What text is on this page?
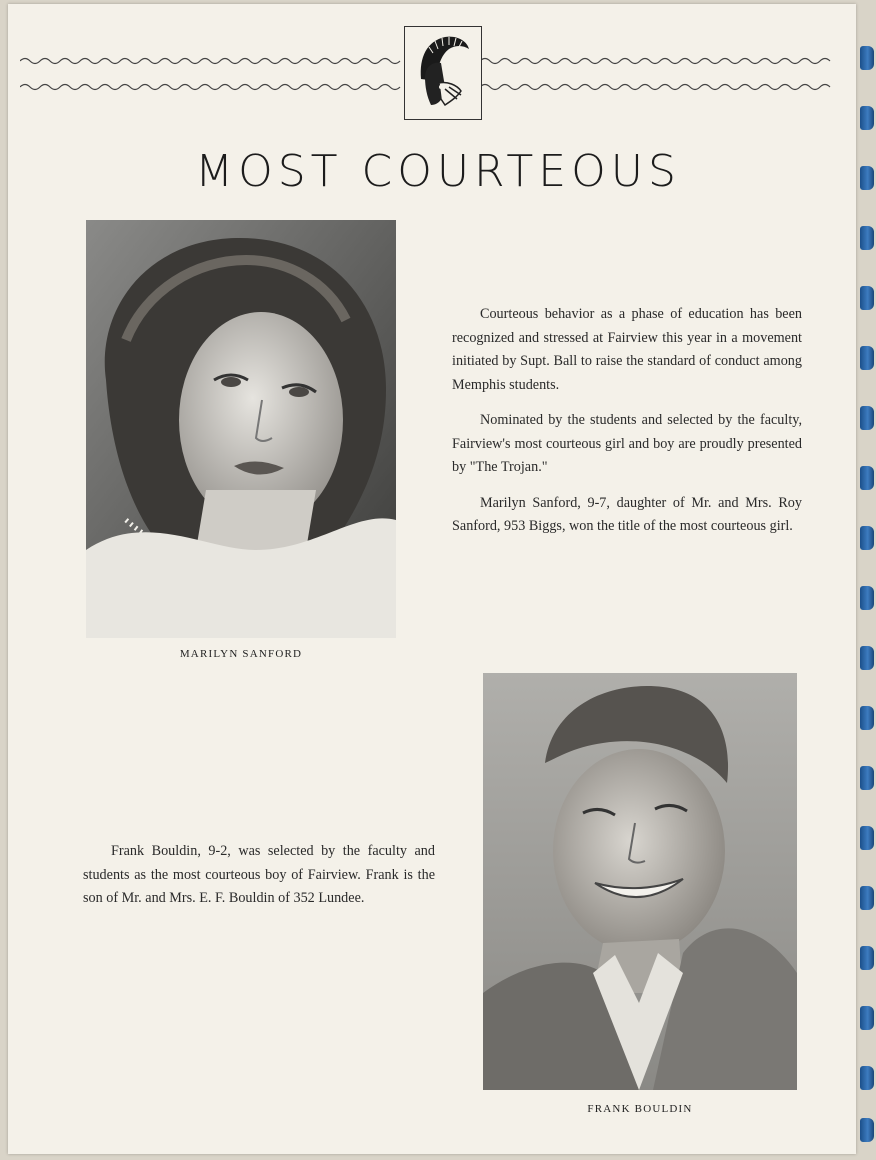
MOST COURTEOUS
MARILYN SANFORD

Courteous behavior as a phase of education has been recognized and stressed at Fairview this year in a movement initiated by Supt. Ball to raise the standard of conduct among Memphis students.

Nominated by the students and selected by the faculty, Fairview's most courteous girl and boy are proudly presented by "The Trojan."

Marilyn Sanford, 9-7, daughter of Mr. and Mrs. Roy Sanford, 953 Biggs, won the title of the most courteous girl.

Frank Bouldin, 9-2, was selected by the faculty and students as the most courteous boy of Fairview. Frank is the son of Mr. and Mrs. E. F. Bouldin of 352 Lundee.

FRANK BOULDIN
